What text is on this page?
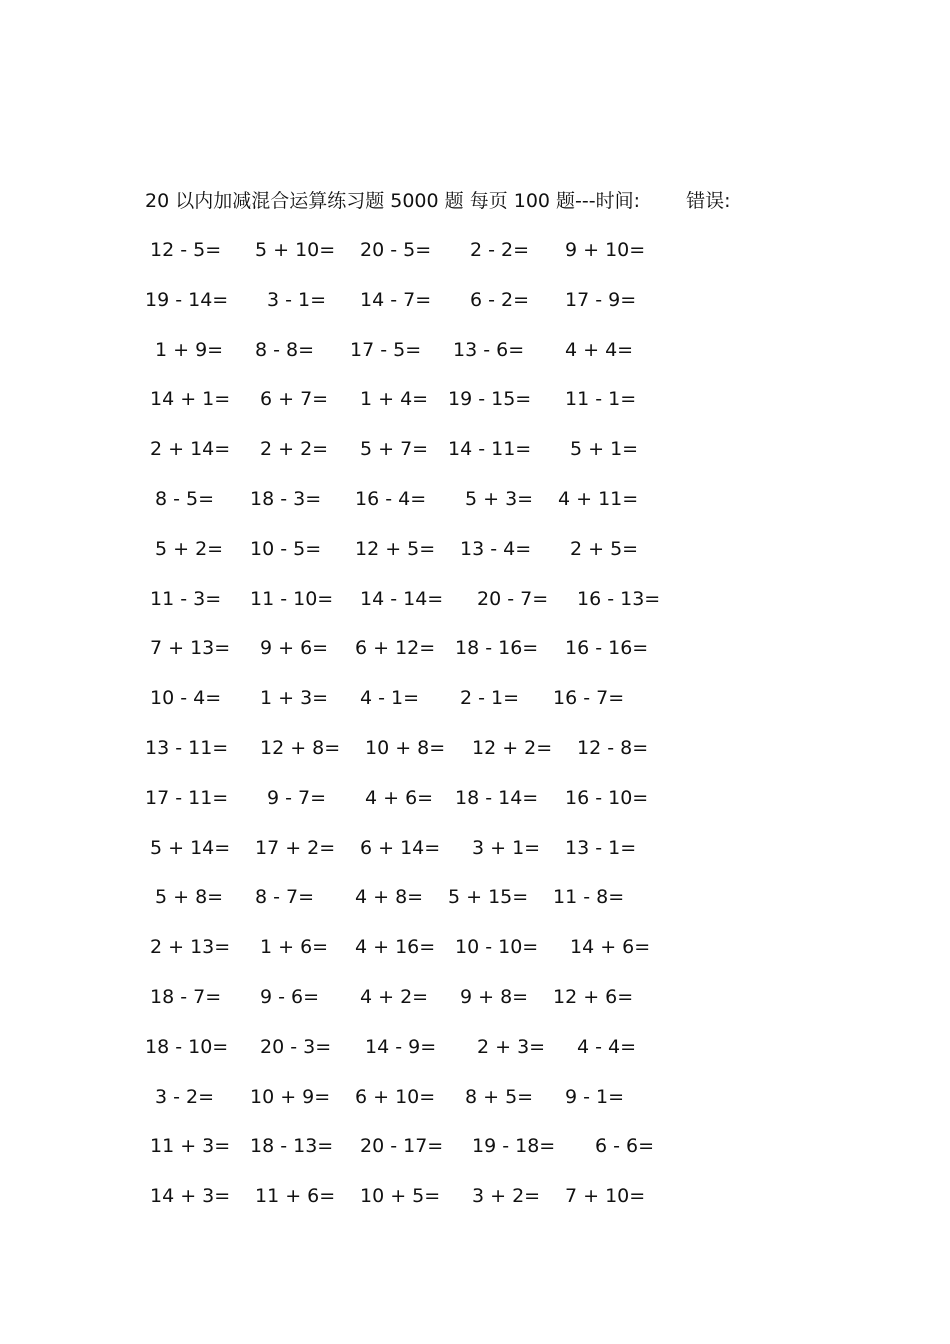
20 以内加减混合运算练习题 5000 题 每页 100 题---时间: 错误:
12 - 5= 5 + 10= 20 - 5= 2 - 2= 9 + 10=
19 - 14= 3 - 1= 14 - 7= 6 - 2= 17 - 9=
1 + 9= 8 - 8= 17 - 5= 13 - 6= 4 + 4=
14 + 1= 6 + 7= 1 + 4= 19 - 15= 11 - 1=
2 + 14= 2 + 2= 5 + 7= 14 - 11= 5 + 1=
8 - 5= 18 - 3= 16 - 4= 5 + 3= 4 + 11=
5 + 2= 10 - 5= 12 + 5= 13 - 4= 2 + 5=
11 - 3= 11 - 10= 14 - 14= 20 - 7= 16 - 13=
7 + 13= 9 + 6= 6 + 12= 18 - 16= 16 - 16=
10 - 4= 1 + 3= 4 - 1= 2 - 1= 16 - 7=
13 - 11= 12 + 8= 10 + 8= 12 + 2= 12 - 8=
17 - 11= 9 - 7= 4 + 6= 18 - 14= 16 - 10=
5 + 14= 17 + 2= 6 + 14= 3 + 1= 13 - 1=
5 + 8= 8 - 7= 4 + 8= 5 + 15= 11 - 8=
2 + 13= 1 + 6= 4 + 16= 10 - 10= 14 + 6=
18 - 7= 9 - 6= 4 + 2= 9 + 8= 12 + 6=
18 - 10= 20 - 3= 14 - 9= 2 + 3= 4 - 4=
3 - 2= 10 + 9= 6 + 10= 8 + 5= 9 - 1=
11 + 3= 18 - 13= 20 - 17= 19 - 18= 6 - 6=
14 + 3= 11 + 6= 10 + 5= 3 + 2= 7 + 10=
